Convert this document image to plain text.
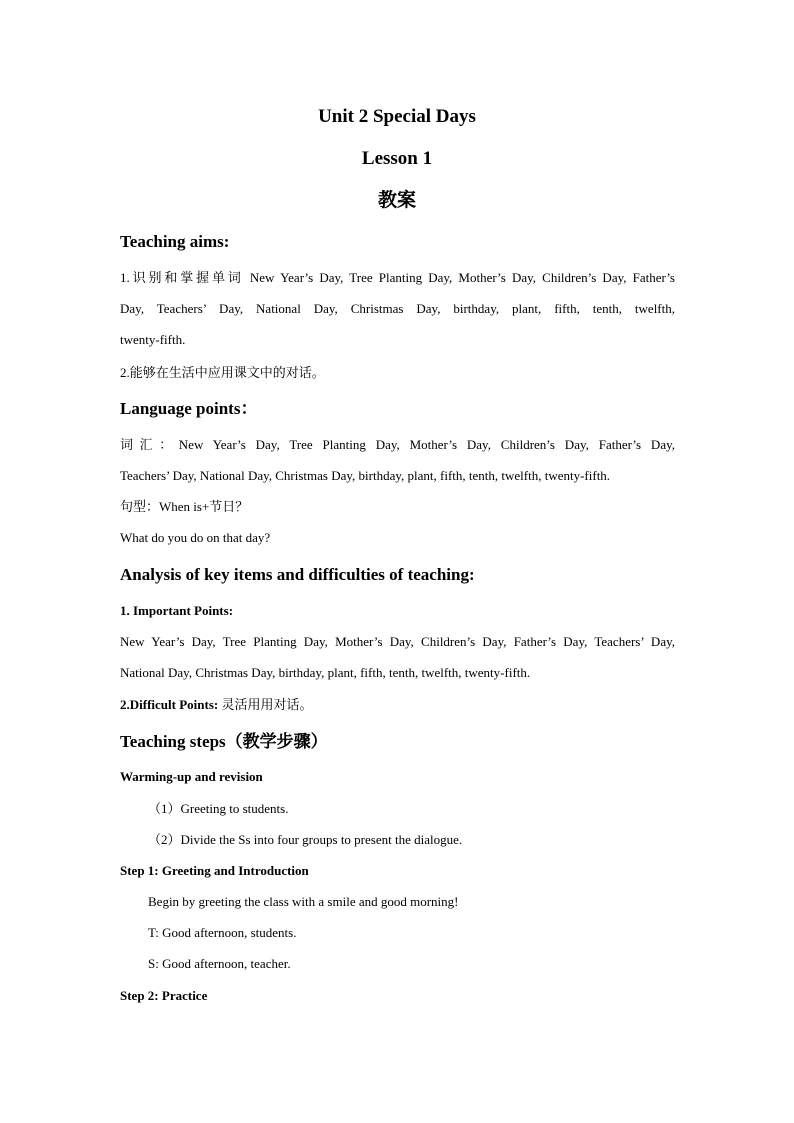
Unit 2 Special Days
Lesson 1
教案
Teaching aims:
1.识别和掌握单词 New Year’s Day, Tree Planting Day, Mother’s Day, Children’s Day, Father’s
Day, Teachers’ Day, National Day, Christmas Day, birthday, plant, fifth, tenth, twelfth,
twenty-fifth.
2.能够在生活中应用课文中的对话。
Language points：
词汇：New Year’s Day, Tree Planting Day, Mother’s Day, Children’s Day, Father’s Day,
Teachers’ Day, National Day, Christmas Day, birthday, plant, fifth, tenth, twelfth, twenty-fifth.
句型：When is+节日？
What do you do on that day?
Analysis of key items and difficulties of teaching:
1. Important Points:
New Year’s Day, Tree Planting Day, Mother’s Day, Children’s Day, Father’s Day, Teachers’ Day,
National Day, Christmas Day, birthday, plant, fifth, tenth, twelfth, twenty-fifth.
2.Difficult Points: 灵活用用对话。
Teaching steps（教学步骤）
Warming-up and revision
（1）Greeting to students.
（2）Divide the Ss into four groups to present the dialogue.
Step 1: Greeting and Introduction
Begin by greeting the class with a smile and good morning!
T: Good afternoon, students.
S: Good afternoon, teacher.
Step 2: Practice
